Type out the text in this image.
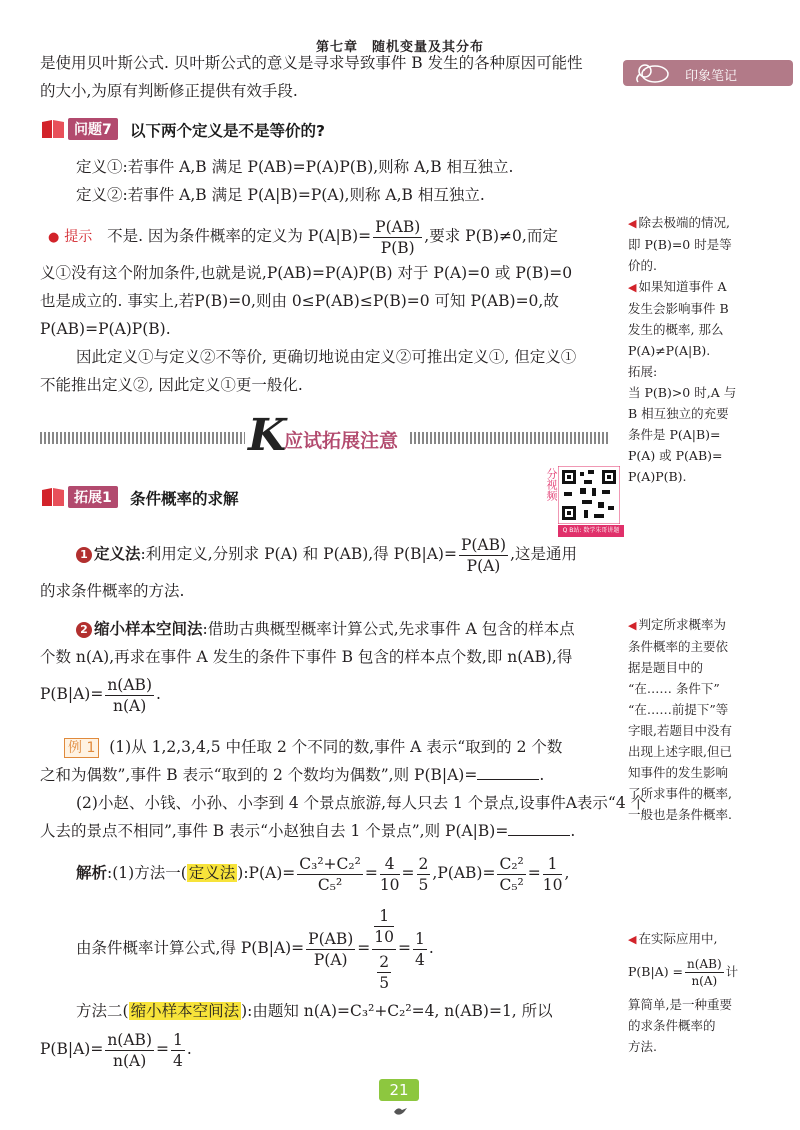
第七章　随机变量及其分布
印象笔记
是使用贝叶斯公式. 贝叶斯公式的意义是寻求导致事件 B 发生的各种原因可能性
的大小,为原有判断修正提供有效手段.
问题7	以下两个定义是不是等价的?
定义①:若事件 A,B 满足 P(AB)=P(A)P(B),则称 A,B 相互独立.
定义②:若事件 A,B 满足 P(A|B)=P(A),则称 A,B 相互独立.
● 提示 不是. 因为条件概率的定义为 $P(A|B)= \frac{P(AB)}{P(B)}$ ,要求 P(B)≠0,而定
义①没有这个附加条件,也就是说,P(AB)=P(A)P(B) 对于 P(A)=0 或 P(B)=0
也是成立的. 事实上,若P(B)=0,则由 0≤P(AB)≤P(B)=0 可知 P(AB)=0,故
P(AB)=P(A)P(B).
因此定义①与定义②不等价, 更确切地说由定义②可推出定义①, 但定义①
不能推出定义②, 因此定义①更一般化.

◀ 除去极端的情况,

即 P(B)=0 时是等

价的.

◀ 如果知道事件 A

发生会影响事件 B

发生的概率, 那么

P(A)≠P(A|B).

拓展:

当 P(B)>0 时,A 与

B 相互独立的充要

条件是 P(A|B)=

P(A) 或 P(AB)=

P(A)P(B).

K
应试拓展注意
拓展1	条件概率的求解	分视频
Q B站: 数学朱哥讲题
1 定义法:利用定义,分别求 P(A) 和 P(AB),得 $P(B|A)= \frac{P(AB)}{P(A)}$ ,这是通用
的求条件概率的方法.
2 缩小样本空间法:借助古典概型概率计算公式,先求事件 A 包含的样本点
个数 n(A),再求在事件 A 发生的条件下事件 B 包含的样本点个数,即 n(AB),得
$P(B|A)= \frac{n(AB)}{n(A)}$ .

◀ 判定所求概率为

条件概率的主要依

据是题目中的

“在…… 条件下”

“在……前提下”等

字眼,若题目中没有

出现上述字眼,但已

知事件的发生影响

了所求事件的概率,

一般也是条件概率.

例 1 (1)从 1,2,3,4,5 中任取 2 个不同的数,事件 A 表示“取到的 2 个数
之和为偶数”,事件 B 表示“取到的 2 个数均为偶数”,则 P(B|A)=	.
(2)小赵、小钱、小孙、小李到 4 个景点旅游,每人只去 1 个景点,设事件A表示“4 个
人去的景点不相同”,事件 B 表示“小赵独自去 1 个景点”,则 P(A|B)=	.
解析:(1)方法一( 定义法 ):P(A)= $\frac{\text{C₃²+C₂²}}{\text{C₅²}} = \frac{4}{10} = \frac{2}{5} ,P(AB)= \frac{\text{C₂²}}{\text{C₅²}} = \frac{1}{10}$ ,
由条件概率计算公式,得 $P(B|A)= \frac{P(AB)}{P(A)} = \frac{\frac{1}{10}}{\frac{2}{5}} = \frac{1}{4}$ .
方法二( 缩小样本空间法 ):由题知 n(A)=C₃²+C₂²=4, n(AB)=1, 所以
$P(B|A)= \frac{n(AB)}{n(A)} = \frac{1}{4}$ .

◀ 在实际应用中,

$P(B|A) = \frac{n(AB)}{n(A)}$ 计

算简单,是一种重要

的求条件概率的

方法.

21
